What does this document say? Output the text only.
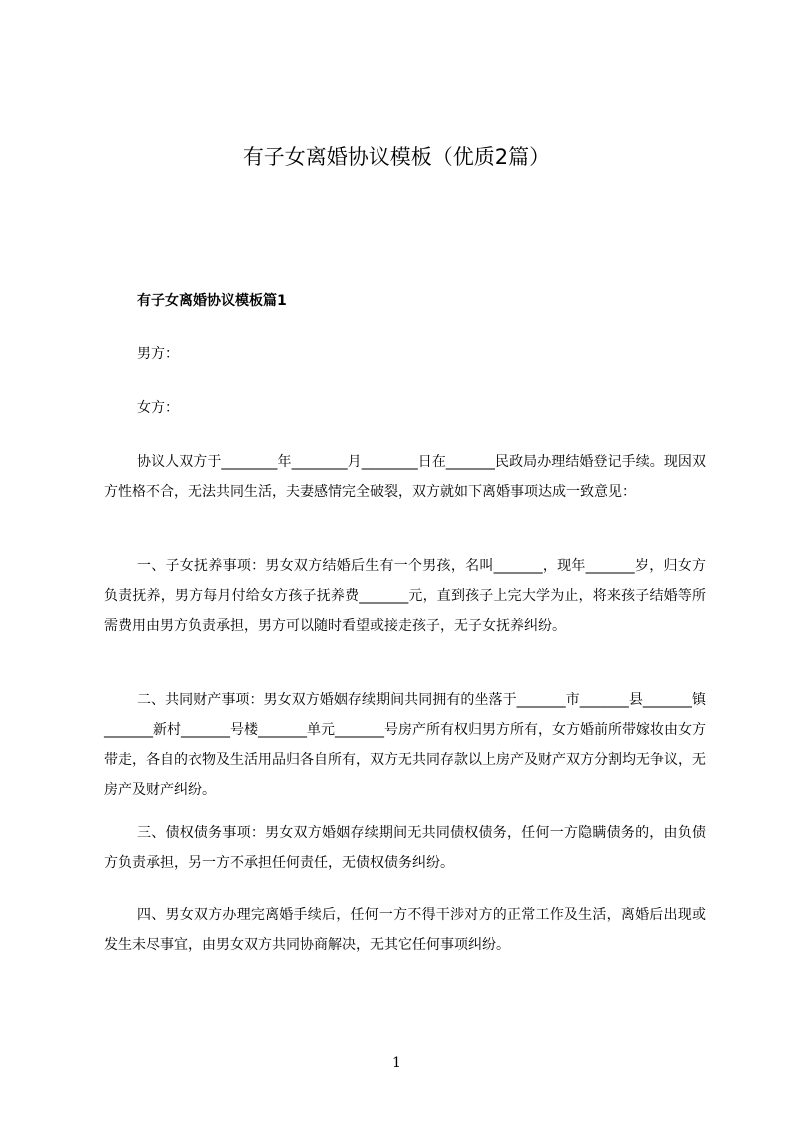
有子女离婚协议模板（优质2篇）
有子女离婚协议模板篇1
男方：
女方：

协议人双方于________年________月________日在_______民政局办理结婚登记手续。现因双方性格不合，无法共同生活，夫妻感情完全破裂，双方就如下离婚事项达成一致意见：

一、子女抚养事项：男女双方结婚后生有一个男孩，名叫_______，现年_______岁，归女方负责抚养，男方每月付给女方孩子抚养费_______元，直到孩子上完大学为止，将来孩子结婚等所需费用由男方负责承担，男方可以随时看望或接走孩子，无子女抚养纠纷。

二、共同财产事项：男女双方婚姻存续期间共同拥有的坐落于_______市_______县_______镇_______新村_______号楼_______单元_______号房产所有权归男方所有，女方婚前所带嫁妆由女方带走，各自的衣物及生活用品归各自所有，双方无共同存款以上房产及财产双方分割均无争议，无房产及财产纠纷。

三、债权债务事项：男女双方婚姻存续期间无共同债权债务，任何一方隐瞒债务的，由负债方负责承担，另一方不承担任何责任，无债权债务纠纷。

四、男女双方办理完离婚手续后，任何一方不得干涉对方的正常工作及生活，离婚后出现或发生未尽事宜，由男女双方共同协商解决，无其它任何事项纠纷。

1
